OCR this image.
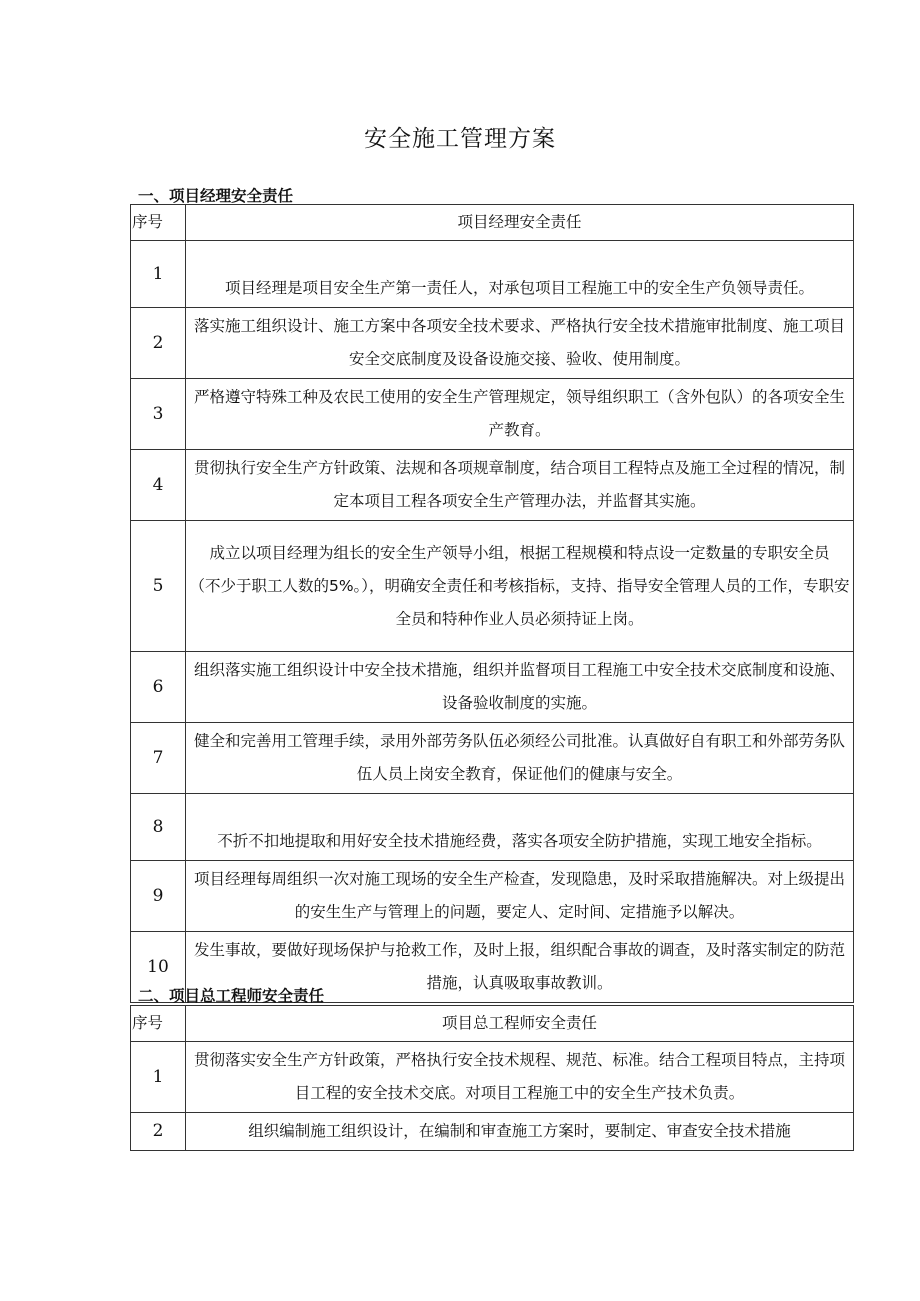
安全施工管理方案
一、项目经理安全责任
序号	项目经理安全责任
1	项目经理是项目安全生产第一责任人，对承包项目工程施工中的安全生产负领导责任。
2	落实施工组织设计、施工方案中各项安全技术要求、严格执行安全技术措施审批制度、施工项目安全交底制度及设备设施交接、验收、使用制度。
3	严格遵守特殊工种及农民工使用的安全生产管理规定，领导组织职工（含外包队）的各项安全生产教育。
4	贯彻执行安全生产方针政策、法规和各项规章制度，结合项目工程特点及施工全过程的情况，制定本项目工程各项安全生产管理办法，并监督其实施。
5	成立以项目经理为组长的安全生产领导小组，根据工程规模和特点设一定数量的专职安全员
（不少于职工人数的5%。），明确安全责任和考核指标，支持、指导安全管理人员的工作，专职安全员和特种作业人员必须持证上岗。

6	组织落实施工组织设计中安全技术措施，组织并监督项目工程施工中安全技术交底制度和设施、设备验收制度的实施。
7	健全和完善用工管理手续，录用外部劳务队伍必须经公司批准。认真做好自有职工和外部劳务队伍人员上岗安全教育，保证他们的健康与安全。
8	不折不扣地提取和用好安全技术措施经费，落实各项安全防护措施，实现工地安全指标。
9	项目经理每周组织一次对施工现场的安全生产检查，发现隐患，及时采取措施解决。对上级提出的安生生产与管理上的问题，要定人、定时间、定措施予以解决。
10	发生事故，要做好现场保护与抢救工作，及时上报，组织配合事故的调查，及时落实制定的防范措施，认真吸取事故教训。
二、项目总工程师安全责任
序号	项目总工程师安全责任
1	贯彻落实安全生产方针政策，严格执行安全技术规程、规范、标准。结合工程项目特点，主持项目工程的安全技术交底。对项目工程施工中的安全生产技术负责。
2	组织编制施工组织设计，在编制和审查施工方案时，要制定、审查安全技术措施
